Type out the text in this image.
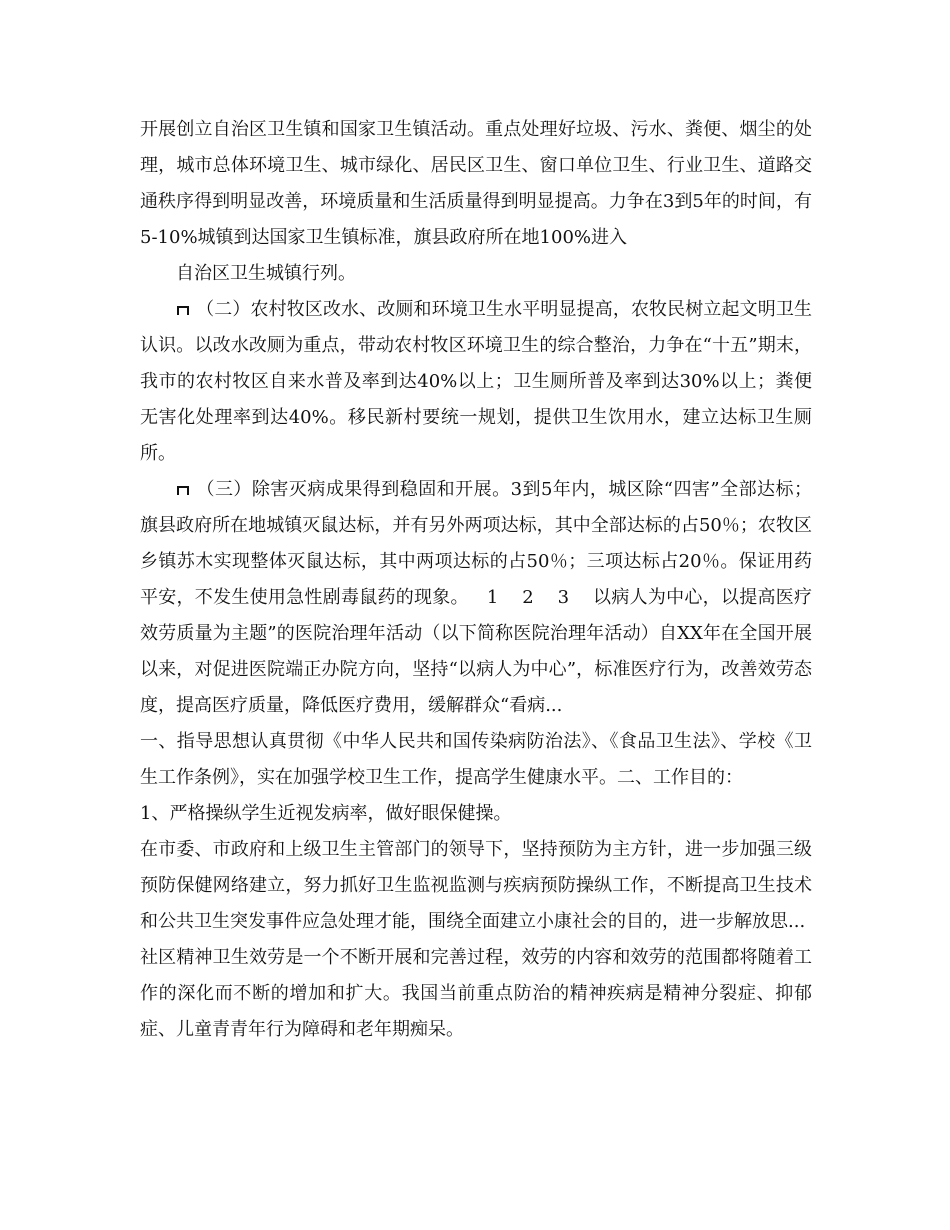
开展创立自治区卫生镇和国家卫生镇活动。重点处理好垃圾、污水、粪便、烟尘的处理，城市总体环境卫生、城市绿化、居民区卫生、窗口单位卫生、行业卫生、道路交通秩序得到明显改善，环境质量和生活质量得到明显提高。力争在3到5年的时间，有5-10%城镇到达国家卫生镇标准，旗县政府所在地100%进入

自治区卫生城镇行列。

（二）农村牧区改水、改厕和环境卫生水平明显提高，农牧民树立起文明卫生认识。以改水改厕为重点，带动农村牧区环境卫生的综合整治，力争在“十五”期末，我市的农村牧区自来水普及率到达40%以上；卫生厕所普及率到达30%以上；粪便无害化处理率到达40%。移民新村要统一规划，提供卫生饮用水，建立达标卫生厕所。

（三）除害灭病成果得到稳固和开展。3到5年内，城区除“四害”全部达标；旗县政府所在地城镇灭鼠达标，并有另外两项达标，其中全部达标的占50％；农牧区乡镇苏木实现整体灭鼠达标，其中两项达标的占50％；三项达标占20％。保证用药平安，不发生使用急性剧毒鼠药的现象。   1    2    3    以病人为中心，以提高医疗效劳质量为主题”的医院治理年活动（以下简称医院治理年活动）自XX年在全国开展以来，对促进医院端正办院方向，坚持“以病人为中心”，标准医疗行为，改善效劳态度，提高医疗质量，降低医疗费用，缓解群众“看病...

一、指导思想认真贯彻《中华人民共和国传染病防治法》、《食品卫生法》、学校《卫生工作条例》，实在加强学校卫生工作，提高学生健康水平。二、工作目的：

1、严格操纵学生近视发病率，做好眼保健操。

在市委、市政府和上级卫生主管部门的领导下，坚持预防为主方针，进一步加强三级预防保健网络建立，努力抓好卫生监视监测与疾病预防操纵工作，不断提高卫生技术和公共卫生突发事件应急处理才能，围绕全面建立小康社会的目的，进一步解放思...

社区精神卫生效劳是一个不断开展和完善过程，效劳的内容和效劳的范围都将随着工作的深化而不断的增加和扩大。我国当前重点防治的精神疾病是精神分裂症、抑郁症、儿童青青年行为障碍和老年期痴呆。
